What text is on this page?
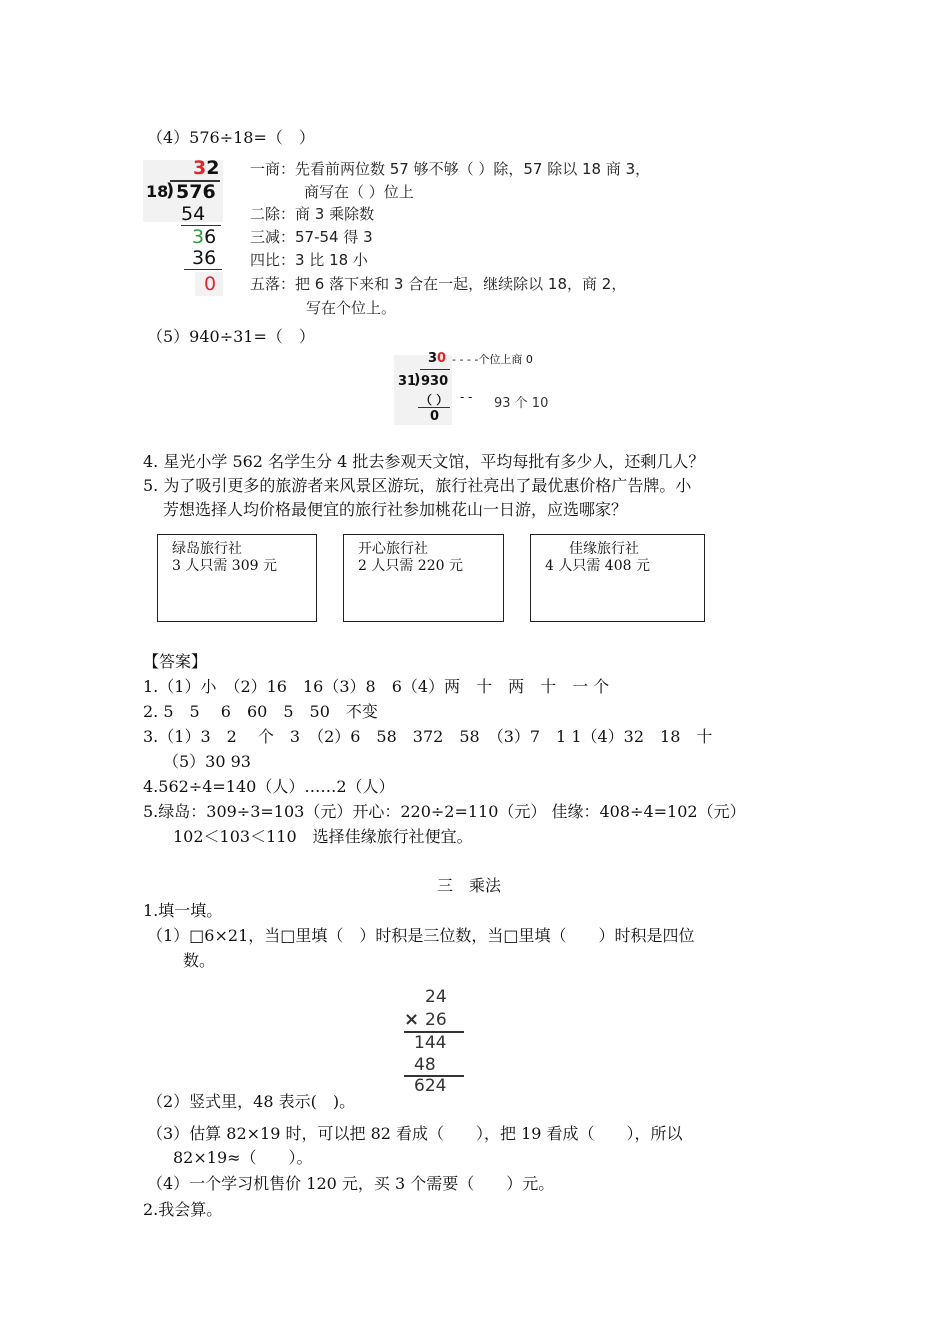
（4）576÷18=（　）
32
18
) 576
54
36
36
0
一商：先看前两位数 57 够不够（ ）除，57 除以 18 商 3，
商写在（ ）位上
二除：商 3 乘除数
三减：57-54 得 3
四比：3 比 18 小
五落：把 6 落下来和 3 合在一起，继续除以 18，商 2，
写在个位上。
（5）940÷31=（　）
30 - - - -个位上商 0
31
) 930
（ ） - - 93 个 10
0
4. 星光小学 562 名学生分 4 批去参观天文馆，平均每批有多少人，还剩几人？
5. 为了吸引更多的旅游者来风景区游玩，旅行社亮出了最优惠价格广告牌。小
芳想选择人均价格最便宜的旅行社参加桃花山一日游，应选哪家？
绿岛旅行社
3 人只需 309 元
开心旅行社
2 人只需 220 元
佳缘旅行社
4 人只需 408 元
【答案】
1.（1）小　（2）16　16（3）8　6（4）两　十　两　十　一 个
2. 5　5　 6　60　5　50　不变
3.（1）3　2　 个　3　（2）6　58　372　58　（3）7　1 1（4）32　18　十
（5）30 93
4.562÷4=140（人）……2（人）
5.绿岛：309÷3=103（元）开心：220÷2=110（元） 佳缘：408÷4=102（元）
102＜103＜110　选择佳缘旅行社便宜。
三　乘法
1.填一填。
（1）□6×21，当□里填（　）时积是三位数，当□里填（　　）时积是四位
数。
24
× 26
144
48
624
（2）竖式里，48 表示(　)。
（3）估算 82×19 时，可以把 82 看成（　　），把 19 看成（　　），所以
82×19≈（　　）。
（4）一个学习机售价 120 元，买 3 个需要（　　）元。
2.我会算。
